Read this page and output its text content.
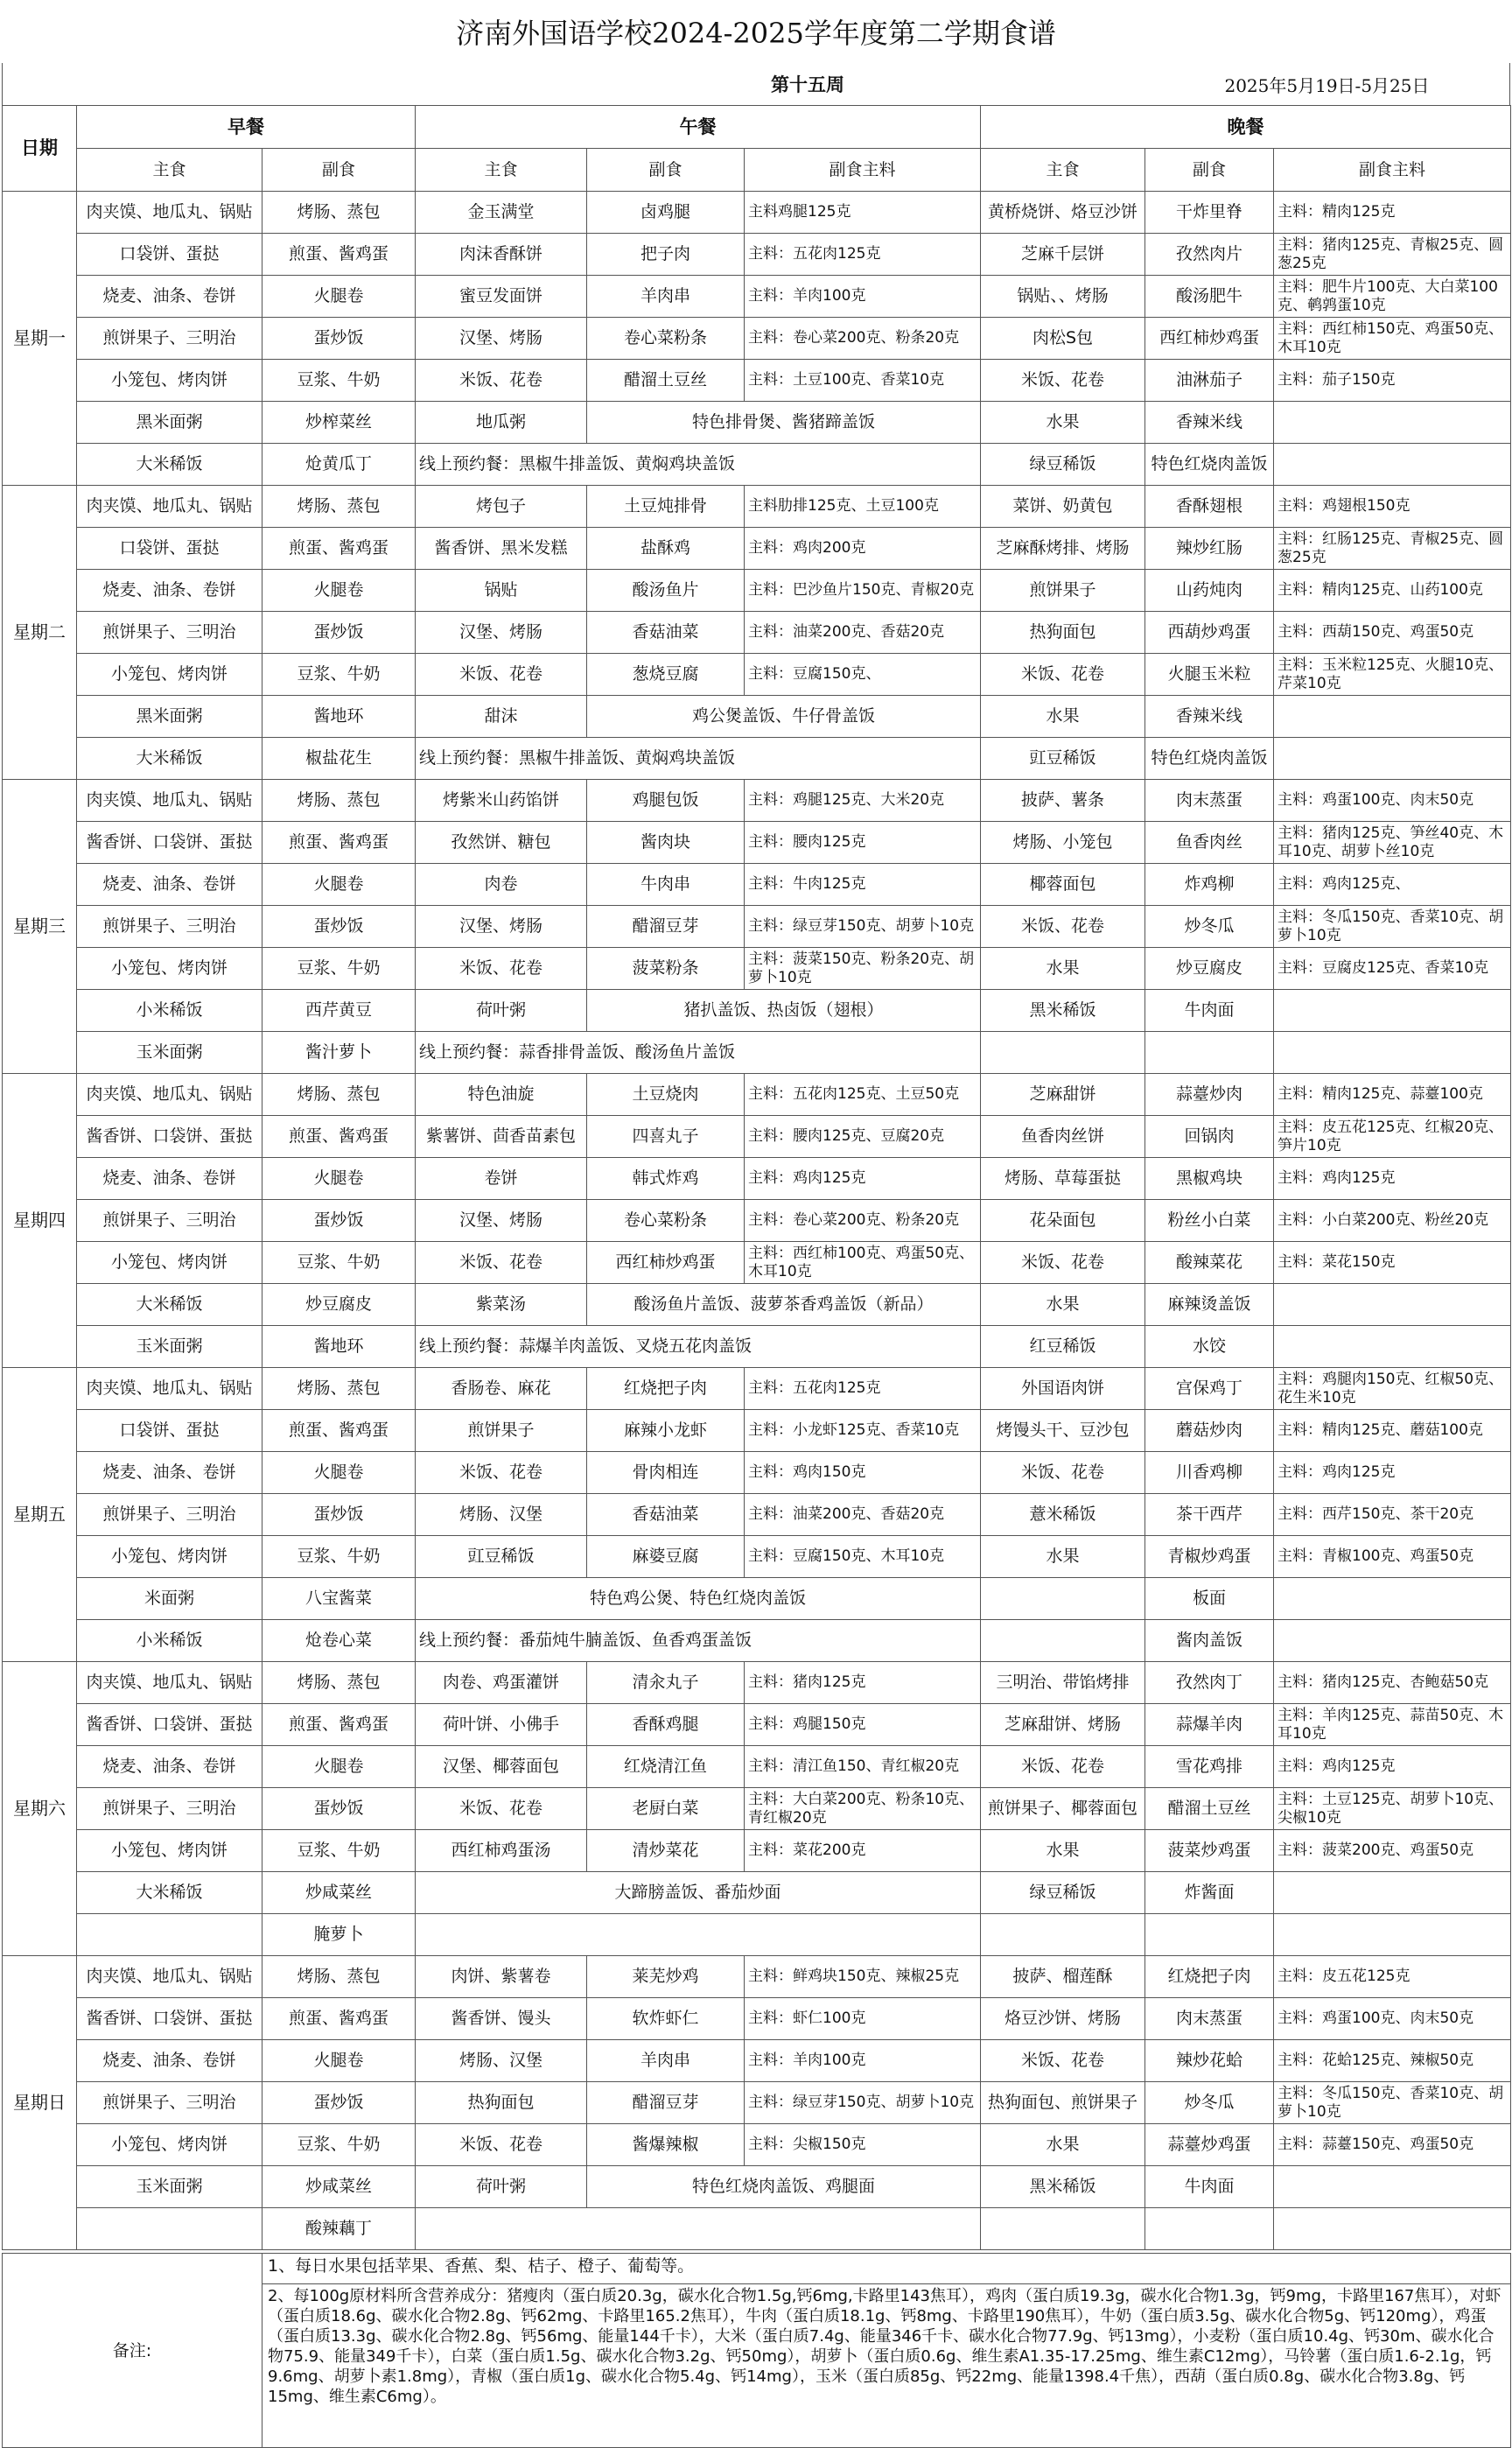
济南外国语学校2024-2025学年度第二学期食谱
第十五周	2025年5月19日-5月25日
日期	早餐		午餐			晚餐		
	主食	副食	主食	副食	副食主料	主食	副食	副食主料
星期一	肉夹馍、地瓜丸、锅贴	烤肠、蒸包	金玉满堂	卤鸡腿	主料鸡腿125克	黄桥烧饼、烙豆沙饼	干炸里脊	主料：精肉125克
	口袋饼、蛋挞	煎蛋、酱鸡蛋	肉沫香酥饼	把子肉	主料：五花肉125克	芝麻千层饼	孜然肉片	主料：猪肉125克、青椒25克、圆葱25克
	烧麦、油条、卷饼	火腿卷	蜜豆发面饼	羊肉串	主料：羊肉100克	锅贴、、烤肠	酸汤肥牛	主料：肥牛片100克、大白菜100克、鹌鹑蛋10克
	煎饼果子、三明治	蛋炒饭	汉堡、烤肠	卷心菜粉条	主料：卷心菜200克、粉条20克	肉松S包	西红柿炒鸡蛋	主料：西红柿150克、鸡蛋50克、木耳10克
	小笼包、烤肉饼	豆浆、牛奶	米饭、花卷	醋溜土豆丝	主料：土豆100克、香菜10克	米饭、花卷	油淋茄子	主料：茄子150克
	黑米面粥	炒榨菜丝	地瓜粥	特色排骨煲、酱猪蹄盖饭		水果	香辣米线	
	大米稀饭	炝黄瓜丁	线上预约餐：黑椒牛排盖饭、黄焖鸡块盖饭			绿豆稀饭	特色红烧肉盖饭	
星期二	肉夹馍、地瓜丸、锅贴	烤肠、蒸包	烤包子	土豆炖排骨	主料肋排125克、土豆100克	菜饼、奶黄包	香酥翅根	主料：鸡翅根150克
	口袋饼、蛋挞	煎蛋、酱鸡蛋	酱香饼、黑米发糕	盐酥鸡	主料：鸡肉200克	芝麻酥烤排、烤肠	辣炒红肠	主料：红肠125克、青椒25克、圆葱25克
	烧麦、油条、卷饼	火腿卷	锅贴	酸汤鱼片	主料：巴沙鱼片150克、青椒20克	煎饼果子	山药炖肉	主料：精肉125克、山药100克
	煎饼果子、三明治	蛋炒饭	汉堡、烤肠	香菇油菜	主料：油菜200克、香菇20克	热狗面包	西葫炒鸡蛋	主料：西葫150克、鸡蛋50克
	小笼包、烤肉饼	豆浆、牛奶	米饭、花卷	葱烧豆腐	主料：豆腐150克、	米饭、花卷	火腿玉米粒	主料：玉米粒125克、火腿10克、芹菜10克
	黑米面粥	酱地环	甜沫	鸡公煲盖饭、牛仔骨盖饭		水果	香辣米线	
	大米稀饭	椒盐花生	线上预约餐：黑椒牛排盖饭、黄焖鸡块盖饭			豇豆稀饭	特色红烧肉盖饭	
星期三	肉夹馍、地瓜丸、锅贴	烤肠、蒸包	烤紫米山药馅饼	鸡腿包饭	主料：鸡腿125克、大米20克	披萨、薯条	肉末蒸蛋	主料：鸡蛋100克、肉末50克
	酱香饼、口袋饼、蛋挞	煎蛋、酱鸡蛋	孜然饼、糖包	酱肉块	主料：腰肉125克	烤肠、小笼包	鱼香肉丝	主料：猪肉125克、笋丝40克、木耳10克、胡萝卜丝10克
	烧麦、油条、卷饼	火腿卷	肉卷	牛肉串	主料：牛肉125克	椰蓉面包	炸鸡柳	主料：鸡肉125克、
	煎饼果子、三明治	蛋炒饭	汉堡、烤肠	醋溜豆芽	主料：绿豆芽150克、胡萝卜10克	米饭、花卷	炒冬瓜	主料：冬瓜150克、香菜10克、胡萝卜10克
	小笼包、烤肉饼	豆浆、牛奶	米饭、花卷	菠菜粉条	主料：菠菜150克、粉条20克、胡萝卜10克	水果	炒豆腐皮	主料：豆腐皮125克、香菜10克
	小米稀饭	西芹黄豆	荷叶粥	猪扒盖饭、热卤饭（翅根）		黑米稀饭	牛肉面	
	玉米面粥	酱汁萝卜	线上预约餐：蒜香排骨盖饭、酸汤鱼片盖饭					
星期四	肉夹馍、地瓜丸、锅贴	烤肠、蒸包	特色油旋	土豆烧肉	主料：五花肉125克、土豆50克	芝麻甜饼	蒜薹炒肉	主料：精肉125克、蒜薹100克
	酱香饼、口袋饼、蛋挞	煎蛋、酱鸡蛋	紫薯饼、茴香苗素包	四喜丸子	主料：腰肉125克、豆腐20克	鱼香肉丝饼	回锅肉	主料：皮五花125克、红椒20克、笋片10克
	烧麦、油条、卷饼	火腿卷	卷饼	韩式炸鸡	主料：鸡肉125克	烤肠、草莓蛋挞	黑椒鸡块	主料：鸡肉125克
	煎饼果子、三明治	蛋炒饭	汉堡、烤肠	卷心菜粉条	主料：卷心菜200克、粉条20克	花朵面包	粉丝小白菜	主料：小白菜200克、粉丝20克
	小笼包、烤肉饼	豆浆、牛奶	米饭、花卷	西红柿炒鸡蛋	主料：西红柿100克、鸡蛋50克、木耳10克	米饭、花卷	酸辣菜花	主料：菜花150克
	大米稀饭	炒豆腐皮	紫菜汤	酸汤鱼片盖饭、菠萝茶香鸡盖饭（新品）		水果	麻辣烫盖饭	
	玉米面粥	酱地环	线上预约餐：蒜爆羊肉盖饭、叉烧五花肉盖饭			红豆稀饭	水饺	
星期五	肉夹馍、地瓜丸、锅贴	烤肠、蒸包	香肠卷、麻花	红烧把子肉	主料：五花肉125克	外国语肉饼	宫保鸡丁	主料：鸡腿肉150克、红椒50克、花生米10克
	口袋饼、蛋挞	煎蛋、酱鸡蛋	煎饼果子	麻辣小龙虾	主料：小龙虾125克、香菜10克	烤馒头干、豆沙包	蘑菇炒肉	主料：精肉125克、蘑菇100克
	烧麦、油条、卷饼	火腿卷	米饭、花卷	骨肉相连	主料：鸡肉150克	米饭、花卷	川香鸡柳	主料：鸡肉125克
	煎饼果子、三明治	蛋炒饭	烤肠、汉堡	香菇油菜	主料：油菜200克、香菇20克	薏米稀饭	茶干西芹	主料：西芹150克、茶干20克
	小笼包、烤肉饼	豆浆、牛奶	豇豆稀饭	麻婆豆腐	主料：豆腐150克、木耳10克	水果	青椒炒鸡蛋	主料：青椒100克、鸡蛋50克
	米面粥	八宝酱菜	特色鸡公煲、特色红烧肉盖饭				板面	
	小米稀饭	炝卷心菜	线上预约餐：番茄炖牛腩盖饭、鱼香鸡蛋盖饭				酱肉盖饭	
星期六	肉夹馍、地瓜丸、锅贴	烤肠、蒸包	肉卷、鸡蛋灌饼	清汆丸子	主料：猪肉125克	三明治、带馅烤排	孜然肉丁	主料：猪肉125克、杏鲍菇50克
	酱香饼、口袋饼、蛋挞	煎蛋、酱鸡蛋	荷叶饼、小佛手	香酥鸡腿	主料：鸡腿150克	芝麻甜饼、烤肠	蒜爆羊肉	主料：羊肉125克、蒜苗50克、木耳10克
	烧麦、油条、卷饼	火腿卷	汉堡、椰蓉面包	红烧清江鱼	主料：清江鱼150、青红椒20克	米饭、花卷	雪花鸡排	主料：鸡肉125克
	煎饼果子、三明治	蛋炒饭	米饭、花卷	老厨白菜	主料：大白菜200克、粉条10克、青红椒20克	煎饼果子、椰蓉面包	醋溜土豆丝	主料：土豆125克、胡萝卜10克、尖椒10克
	小笼包、烤肉饼	豆浆、牛奶	西红柿鸡蛋汤	清炒菜花	主料：菜花200克	水果	菠菜炒鸡蛋	主料：菠菜200克、鸡蛋50克
	大米稀饭	炒咸菜丝	大蹄膀盖饭、番茄炒面			绿豆稀饭	炸酱面	
		腌萝卜						
星期日	肉夹馍、地瓜丸、锅贴	烤肠、蒸包	肉饼、紫薯卷	莱芜炒鸡	主料：鲜鸡块150克、辣椒25克	披萨、榴莲酥	红烧把子肉	主料：皮五花125克
	酱香饼、口袋饼、蛋挞	煎蛋、酱鸡蛋	酱香饼、馒头	软炸虾仁	主料：虾仁100克	烙豆沙饼、烤肠	肉末蒸蛋	主料：鸡蛋100克、肉末50克
	烧麦、油条、卷饼	火腿卷	烤肠、汉堡	羊肉串	主料：羊肉100克	米饭、花卷	辣炒花蛤	主料：花蛤125克、辣椒50克
	煎饼果子、三明治	蛋炒饭	热狗面包	醋溜豆芽	主料：绿豆芽150克、胡萝卜10克	热狗面包、煎饼果子	炒冬瓜	主料：冬瓜150克、香菜10克、胡萝卜10克
	小笼包、烤肉饼	豆浆、牛奶	米饭、花卷	酱爆辣椒	主料：尖椒150克	水果	蒜薹炒鸡蛋	主料：蒜薹150克、鸡蛋50克
	玉米面粥	炒咸菜丝	荷叶粥	特色红烧肉盖饭、鸡腿面		黑米稀饭	牛肉面	
		酸辣藕丁						
备注:	1、每日水果包括苹果、香蕉、梨、桔子、橙子、葡萄等。
2、每100g原材料所含营养成分：猪瘦肉（蛋白质20.3g，碳水化合物1.5g,钙6mg,卡路里143焦耳），鸡肉（蛋白质19.3g，碳水化合物1.3g，钙9mg，卡路里167焦耳），对虾（蛋白质18.6g、碳水化合物2.8g、钙62mg、卡路里165.2焦耳），牛肉（蛋白质18.1g、钙8mg、卡路里190焦耳），牛奶（蛋白质3.5g、碳水化合物5g、钙120mg），鸡蛋（蛋白质13.3g、碳水化合物2.8g、钙56mg、能量144千卡），大米（蛋白质7.4g、能量346千卡、碳水化合物77.9g、钙13mg），小麦粉（蛋白质10.4g、钙30m、碳水化合物75.9、能量349千卡），白菜（蛋白质1.5g、碳水化合物3.2g、钙50mg），胡萝卜（蛋白质0.6g、维生素A1.35-17.25mg、维生素C12mg），马铃薯（蛋白质1.6-2.1g，钙9.6mg、胡萝卜素1.8mg），青椒（蛋白质1g、碳水化合物5.4g、钙14mg），玉米（蛋白质85g、钙22mg、能量1398.4千焦），西葫（蛋白质0.8g、碳水化合物3.8g、钙15mg、维生素C6mg）。
